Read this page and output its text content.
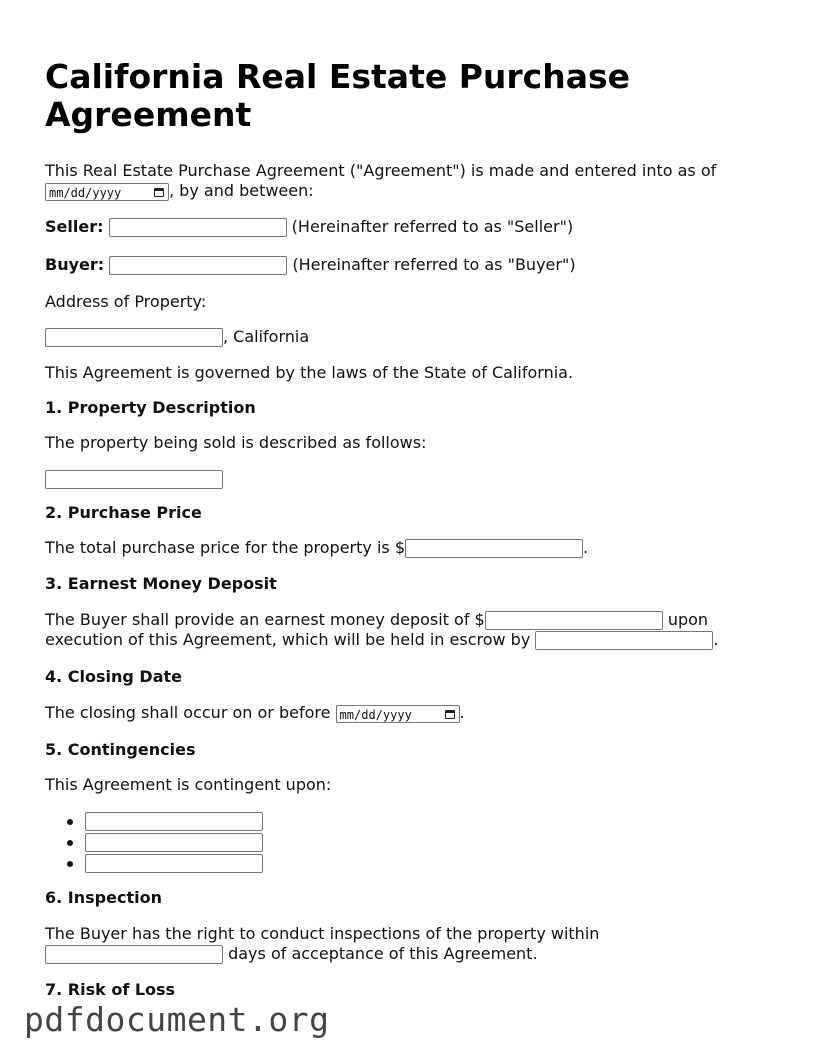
California Real Estate Purchase Agreement

This Real Estate Purchase Agreement ("Agreement") is made and entered into as of

mm/dd/yyyy	, by and between:

Seller:	(Hereinafter referred to as "Seller")

Buyer:	(Hereinafter referred to as "Buyer")

Address of Property:

, California

This Agreement is governed by the laws of the State of California.

1. Property Description

The property being sold is described as follows:

2. Purchase Price

The total purchase price for the property is $	.

3. Earnest Money Deposit

The Buyer shall provide an earnest money deposit of $	upon

execution of this Agreement, which will be held in escrow by	.

4. Closing Date

The closing shall occur on or before mm/dd/yyyy	.

5. Contingencies

This Agreement is contingent upon:

6. Inspection

The Buyer has the right to conduct inspections of the property within

days of acceptance of this Agreement.

7. Risk of Loss

pdfdocument.org
